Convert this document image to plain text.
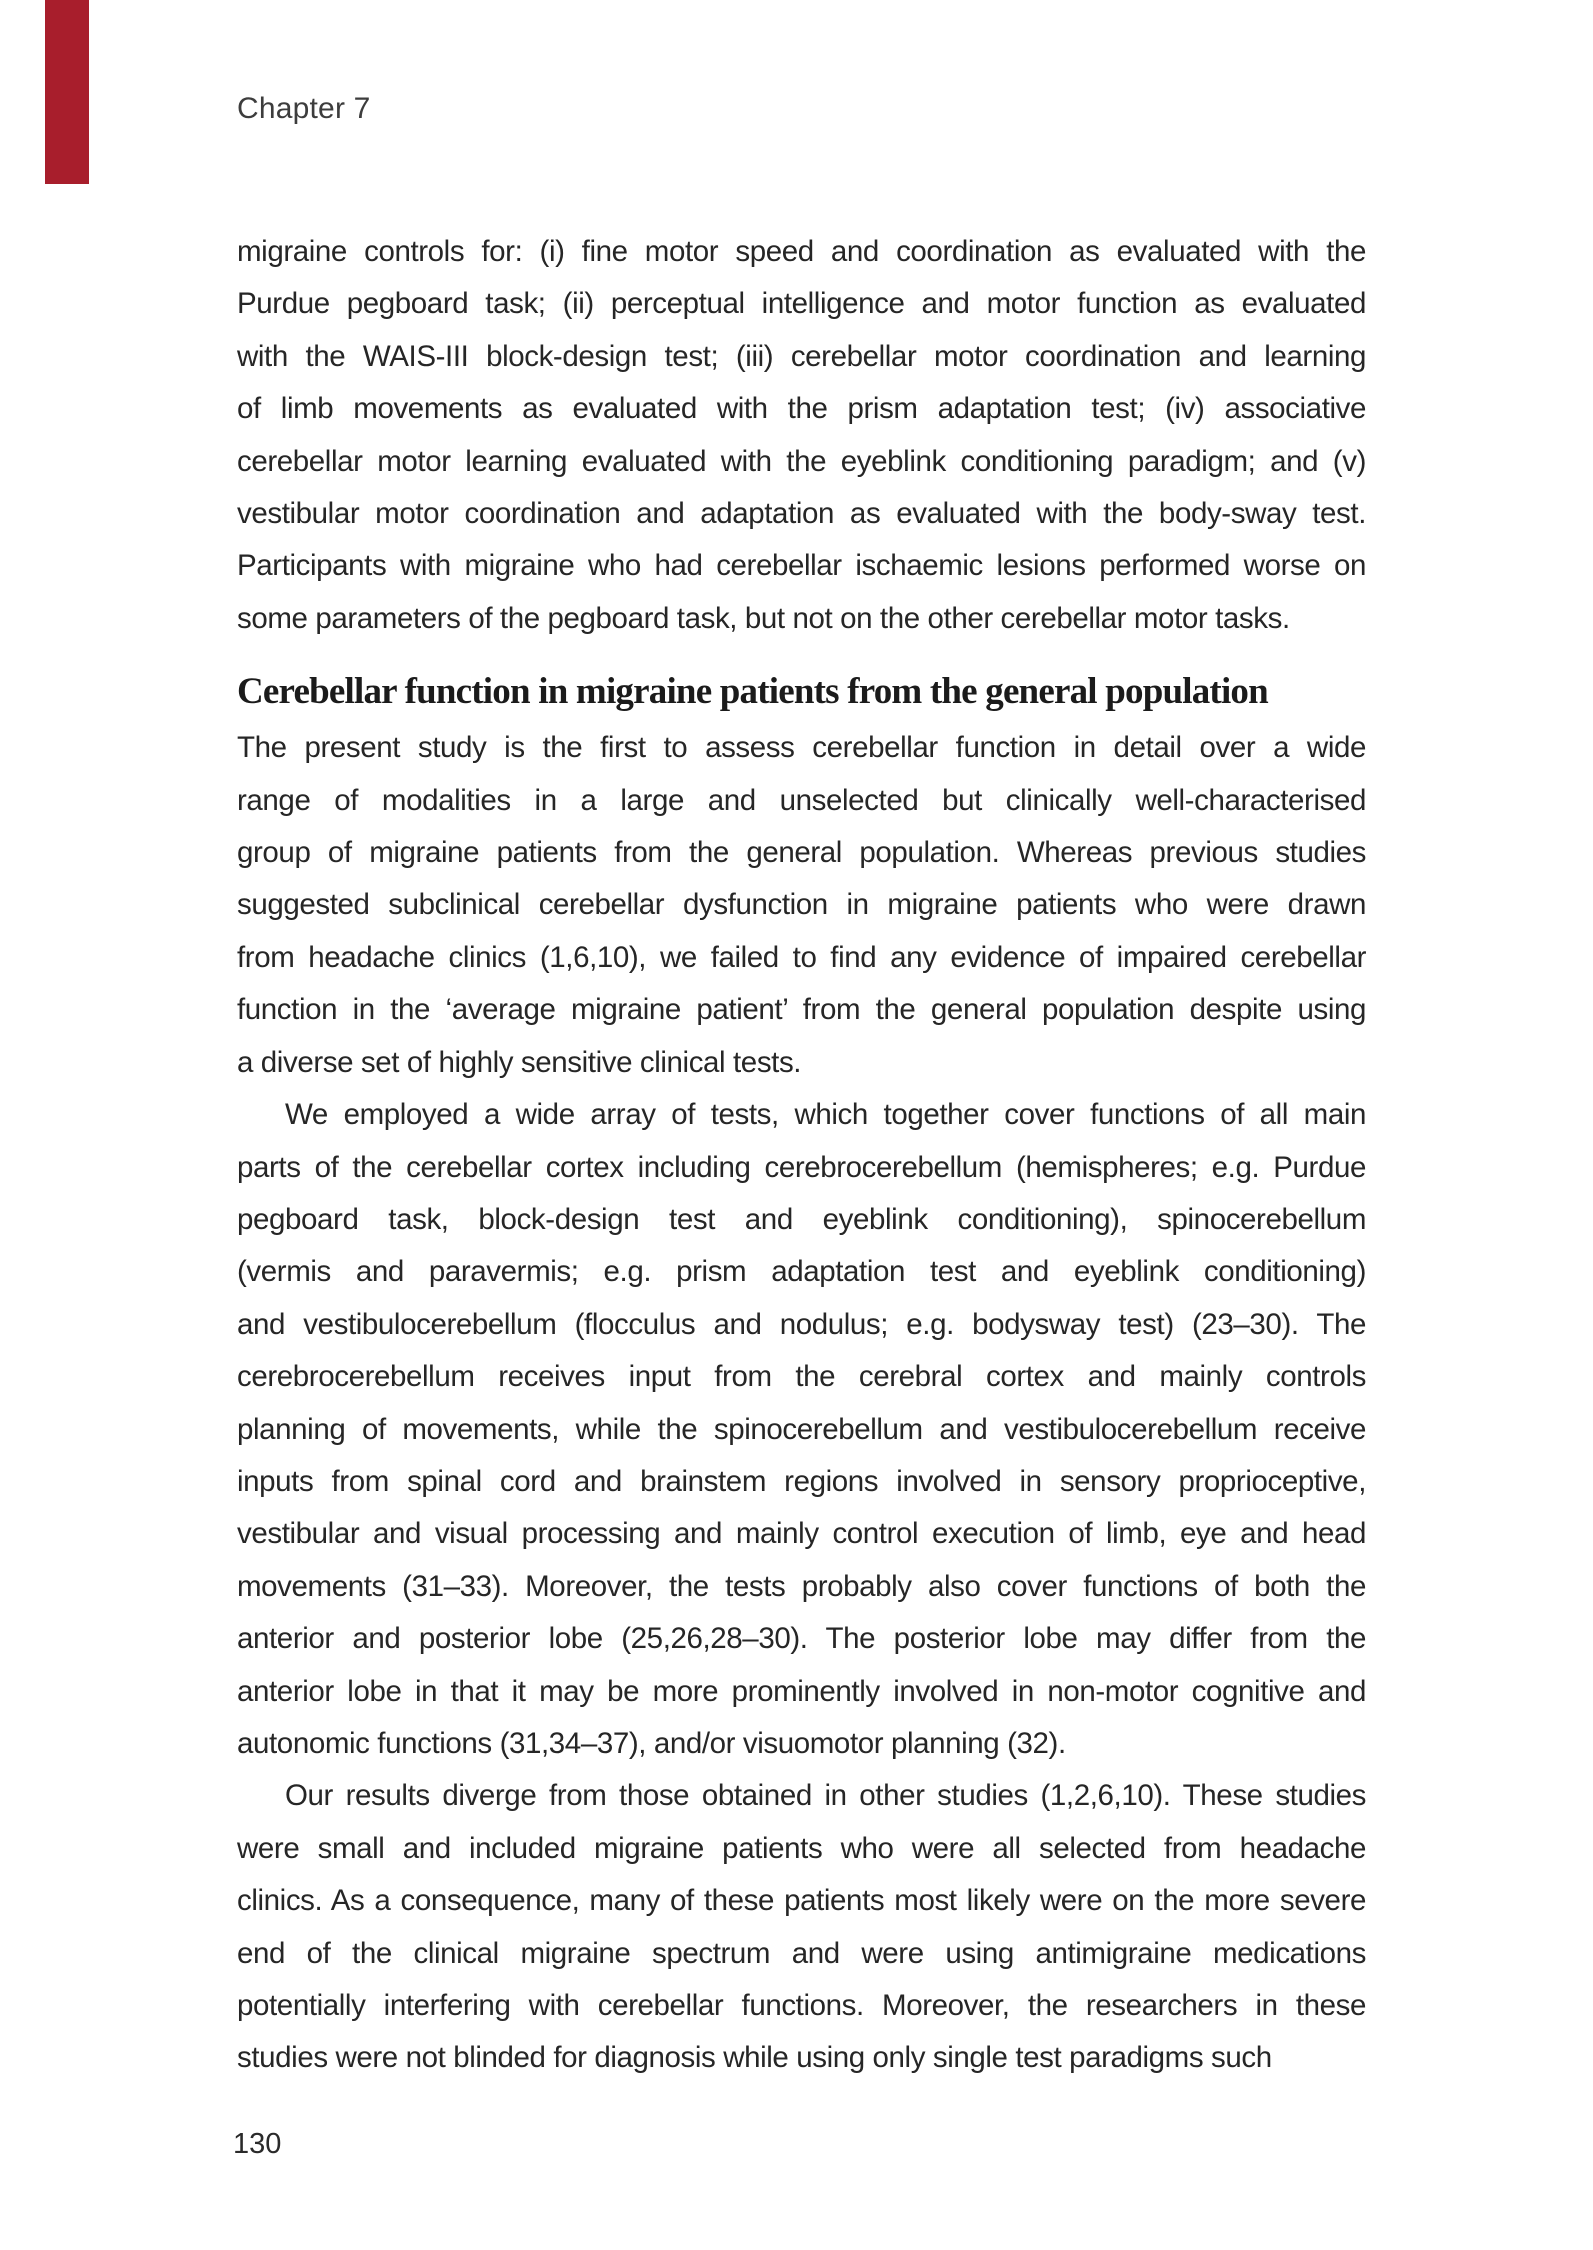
Chapter 7
migraine controls for: (i) fine motor speed and coordination as evaluated with the
Purdue pegboard task; (ii) perceptual intelligence and motor function as evaluated
with the WAIS-III block-design test; (iii) cerebellar motor coordination and learning
of limb movements as evaluated with the prism adaptation test; (iv) associative
cerebellar motor learning evaluated with the eyeblink conditioning paradigm; and (v)
vestibular motor coordination and adaptation as evaluated with the body-sway test.
Participants with migraine who had cerebellar ischaemic lesions performed worse on
some parameters of the pegboard task, but not on the other cerebellar motor tasks.
Cerebellar function in migraine patients from the general population
The present study is the first to assess cerebellar function in detail over a wide
range of modalities in a large and unselected but clinically well-characterised
group of migraine patients from the general population. Whereas previous studies
suggested subclinical cerebellar dysfunction in migraine patients who were drawn
from headache clinics (1,6,10), we failed to find any evidence of impaired cerebellar
function in the ‘average migraine patient’ from the general population despite using
a diverse set of highly sensitive clinical tests.
We employed a wide array of tests, which together cover functions of all main
parts of the cerebellar cortex including cerebrocerebellum (hemispheres; e.g. Purdue
pegboard task, block-design test and eyeblink conditioning), spinocerebellum
(vermis and paravermis; e.g. prism adaptation test and eyeblink conditioning)
and vestibulocerebellum (flocculus and nodulus; e.g. bodysway test) (23–30). The
cerebrocerebellum receives input from the cerebral cortex and mainly controls
planning of movements, while the spinocerebellum and vestibulocerebellum receive
inputs from spinal cord and brainstem regions involved in sensory proprioceptive,
vestibular and visual processing and mainly control execution of limb, eye and head
movements (31–33). Moreover, the tests probably also cover functions of both the
anterior and posterior lobe (25,26,28–30). The posterior lobe may differ from the
anterior lobe in that it may be more prominently involved in non-motor cognitive and
autonomic functions (31,34–37), and/or visuomotor planning (32).
Our results diverge from those obtained in other studies (1,2,6,10). These studies
were small and included migraine patients who were all selected from headache
clinics. As a consequence, many of these patients most likely were on the more severe
end of the clinical migraine spectrum and were using antimigraine medications
potentially interfering with cerebellar functions. Moreover, the researchers in these
studies were not blinded for diagnosis while using only single test paradigms such
130
